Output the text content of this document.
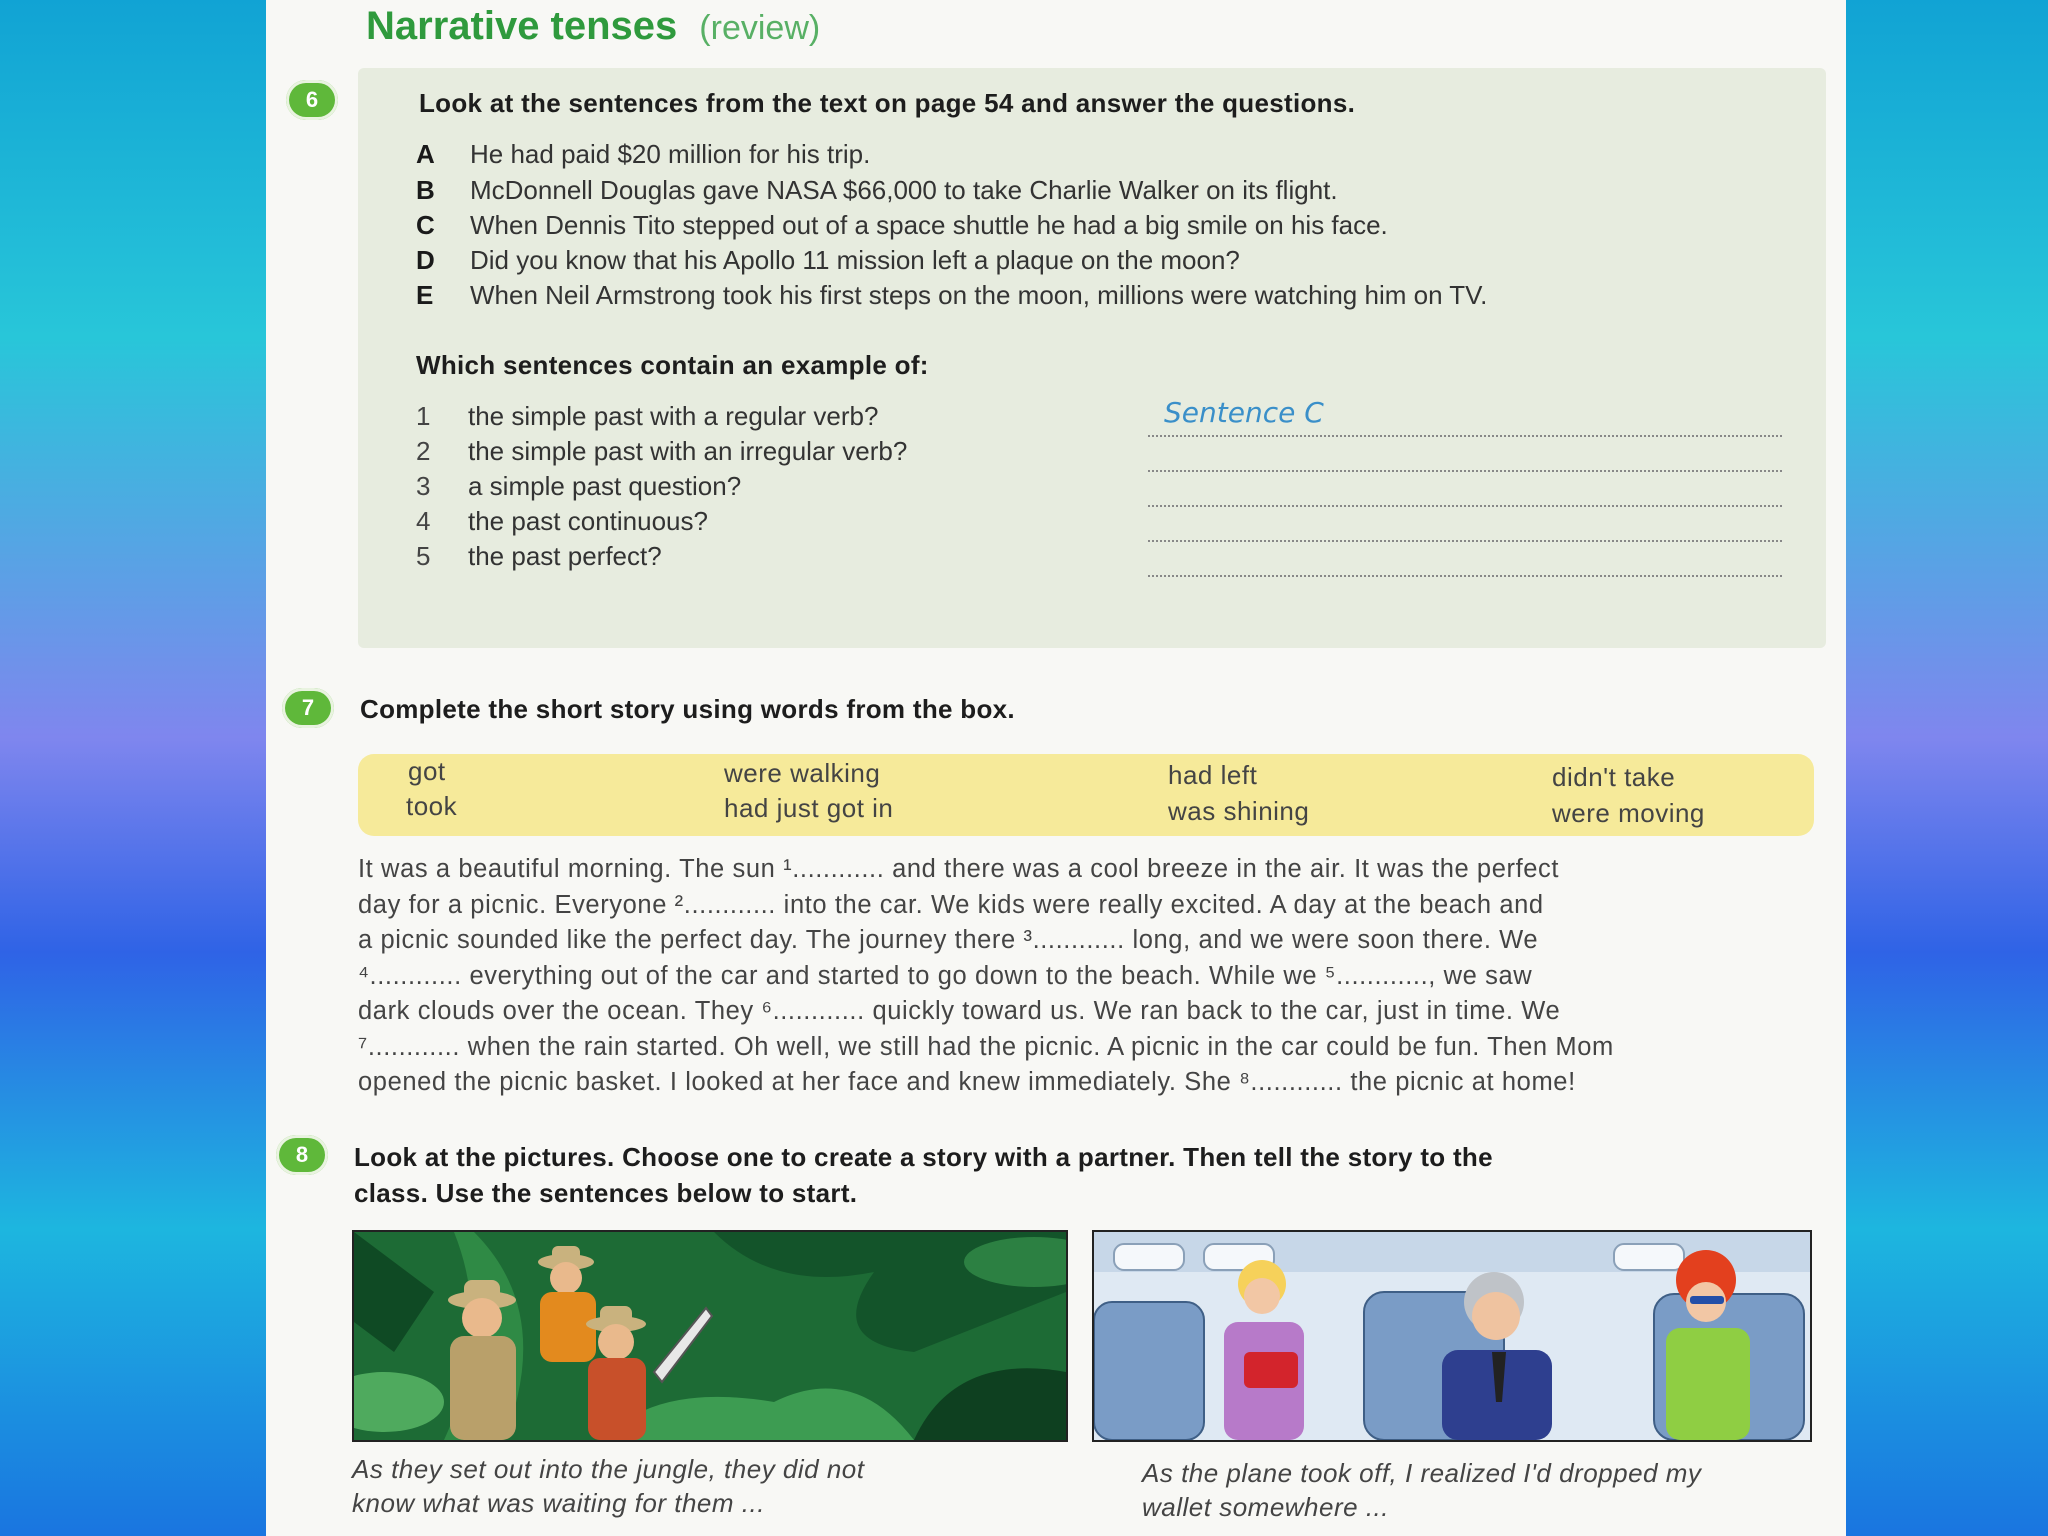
Narrative tenses (review)
6	Look at the sentences from the text on page 54 and answer the questions.
A He had paid $20 million for his trip.
B McDonnell Douglas gave NASA $66,000 to take Charlie Walker on its flight.
C When Dennis Tito stepped out of a space shuttle he had a big smile on his face.
D Did you know that his Apollo 11 mission left a plaque on the moon?
E When Neil Armstrong took his first steps on the moon, millions were watching him on TV.
Which sentences contain an example of:
1 the simple past with a regular verb?	Sentence C
2 the simple past with an irregular verb?
3 a simple past question?
4 the past continuous?
5 the past perfect?
7	Complete the short story using words from the box.
got	were walking	had left	didn't take
took	had just got in	was shining	were moving
It was a beautiful morning. The sun ¹............ and there was a cool breeze in the air. It was the perfect
day for a picnic. Everyone ²............ into the car. We kids were really excited. A day at the beach and
a picnic sounded like the perfect day. The journey there ³............ long, and we were soon there. We
⁴............ everything out of the car and started to go down to the beach. While we ⁵............, we saw
dark clouds over the ocean. They ⁶............ quickly toward us. We ran back to the car, just in time. We
⁷............ when the rain started. Oh well, we still had the picnic. A picnic in the car could be fun. Then Mom
opened the picnic basket. I looked at her face and knew immediately. She ⁸............ the picnic at home!
8	Look at the pictures. Choose one to create a story with a partner. Then tell the story to the
class. Use the sentences below to start.
As they set out into the jungle, they did not
know what was waiting for them ...
As the plane took off, I realized I'd dropped my
wallet somewhere ...
